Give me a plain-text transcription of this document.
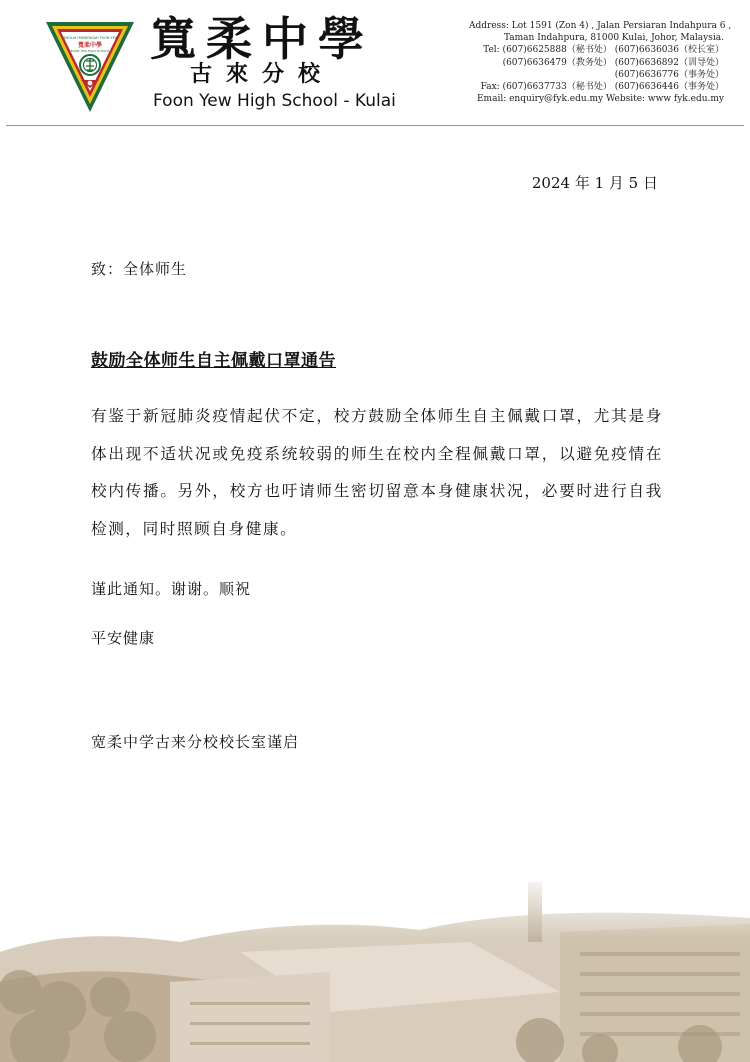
SEKOLAH MENENGAH FOON YEW
寬柔中學
FOON YEW HIGH SCHOOL 寬柔中學
古來分校
Foon Yew High School - Kulai
Address: Lot 1591 (Zon 4) , Jalan Persiaran Indahpura 6 ,
Taman Indahpura, 81000 Kulai, Johor, Malaysia.
Tel: (607)6625888（秘书处） (607)6636036（校长室）
(607)6636479（教务处） (607)6636892（训导处）
(607)6636776（事务处）
Fax: (607)6637733（秘书处） (607)6636446（事务处）
Email: enquiry@fyk.edu.my Website: www fyk.edu.my
2024 年 1 月 5 日
致：全体师生
鼓励全体师生自主佩戴口罩通告
有鉴于新冠肺炎疫情起伏不定，校方鼓励全体师生自主佩戴口罩，尤其是身体出现不适状况或免疫系统较弱的师生在校内全程佩戴口罩，以避免疫情在校内传播。另外，校方也吁请师生密切留意本身健康状况，必要时进行自我检测，同时照顾自身健康。
谨此通知。谢谢。顺祝
平安健康
宽柔中学古来分校校长室谨启
